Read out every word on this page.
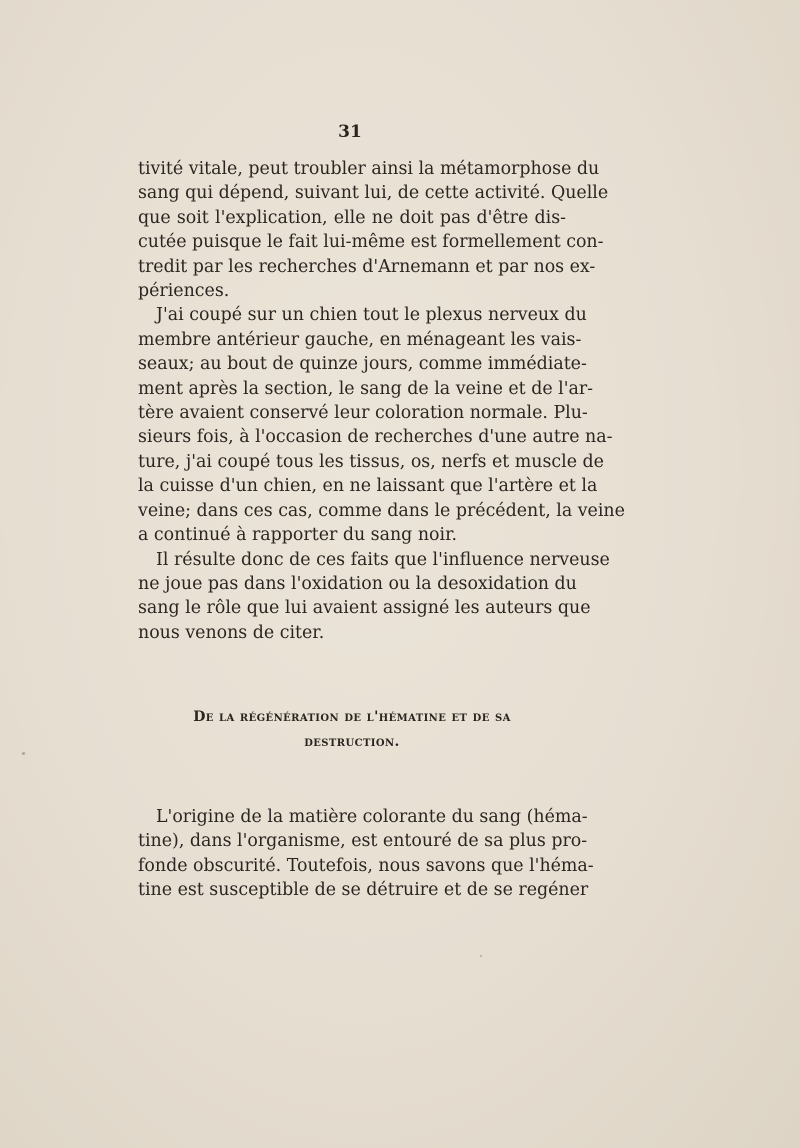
31
tivité vitale, peut troubler ainsi la métamorphose du
sang qui dépend, suivant lui, de cette activité. Quelle
que soit l'explication, elle ne doit pas d'être dis-
cutée puisque le fait lui-même est formellement con-
tredit par les recherches d'Arnemann et par nos ex-
périences.
J'ai coupé sur un chien tout le plexus nerveux du
membre antérieur gauche, en ménageant les vais-
seaux; au bout de quinze jours, comme immédiate-
ment après la section, le sang de la veine et de l'ar-
tère avaient conservé leur coloration normale. Plu-
sieurs fois, à l'occasion de recherches d'une autre na-
ture, j'ai coupé tous les tissus, os, nerfs et muscle de
la cuisse d'un chien, en ne laissant que l'artère et la
veine; dans ces cas, comme dans le précédent, la veine
a continué à rapporter du sang noir.
Il résulte donc de ces faits que l'influence nerveuse
ne joue pas dans l'oxidation ou la desoxidation du
sang le rôle que lui avaient assigné les auteurs que
nous venons de citer.
De la régénération de l'hématine et de sa
destruction.
L'origine de la matière colorante du sang (héma-
tine), dans l'organisme, est entouré de sa plus pro-
fonde obscurité. Toutefois, nous savons que l'héma-
tine est susceptible de se détruire et de se regéner
